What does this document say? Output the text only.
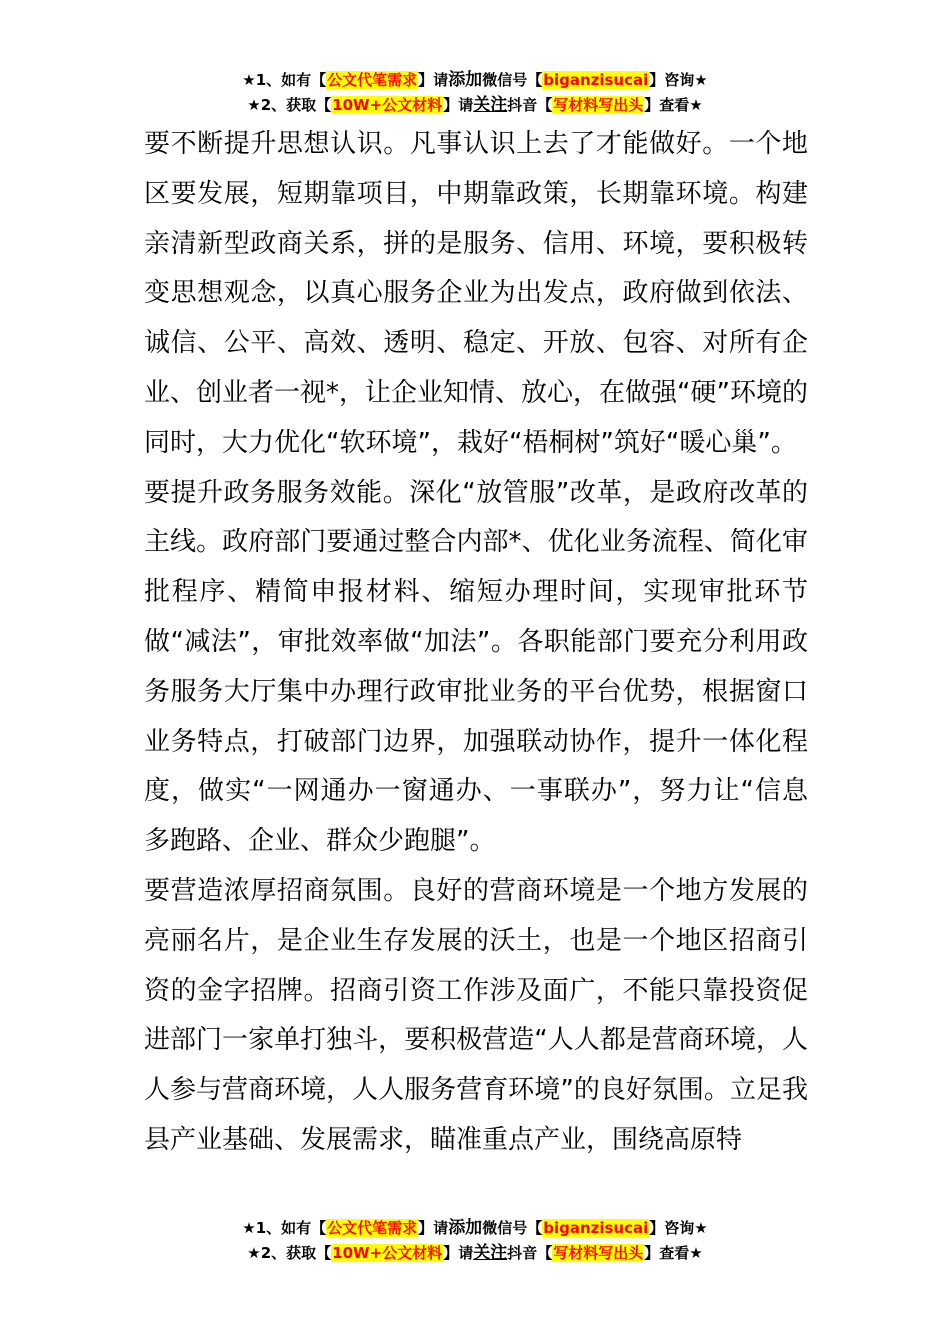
★1、如有【公文代笔需求】请添加微信号【biganzisucai】咨询★
★2、获取【10W+公文材料】请关注抖音【写材料写出头】查看★

要不断提升思想认识。凡事认识上去了才能做好。一个地区要发展，短期靠项目，中期靠政策，长期靠环境。构建亲清新型政商关系，拼的是服务、信用、环境，要积极转变思想观念，以真心服务企业为出发点，政府做到依法、诚信、公平、高效、透明、稳定、开放、包容、对所有企业、创业者一视*，让企业知情、放心，在做强“硬”环境的同时，大力优化“软环境”，栽好“梧桐树”筑好“暖心巢”。

要提升政务服务效能。深化“放管服”改革，是政府改革的主线。政府部门要通过整合内部*、优化业务流程、简化审批程序、精简申报材料、缩短办理时间，实现审批环节做“减法”，审批效率做“加法”。各职能部门要充分利用政务服务大厅集中办理行政审批业务的平台优势，根据窗口业务特点，打破部门边界，加强联动协作，提升一体化程度，做实“一网通办一窗通办、一事联办”，努力让“信息多跑路、企业、群众少跑腿”。

要营造浓厚招商氛围。良好的营商环境是一个地方发展的亮丽名片，是企业生存发展的沃土，也是一个地区招商引资的金字招牌。招商引资工作涉及面广，不能只靠投资促进部门一家单打独斗，要积极营造“人人都是营商环境，人人参与营商环境，人人服务营育环境”的良好氛围。立足我县产业基础、发展需求，瞄准重点产业，围绕高原特

★1、如有【公文代笔需求】请添加微信号【biganzisucai】咨询★
★2、获取【10W+公文材料】请关注抖音【写材料写出头】查看★
